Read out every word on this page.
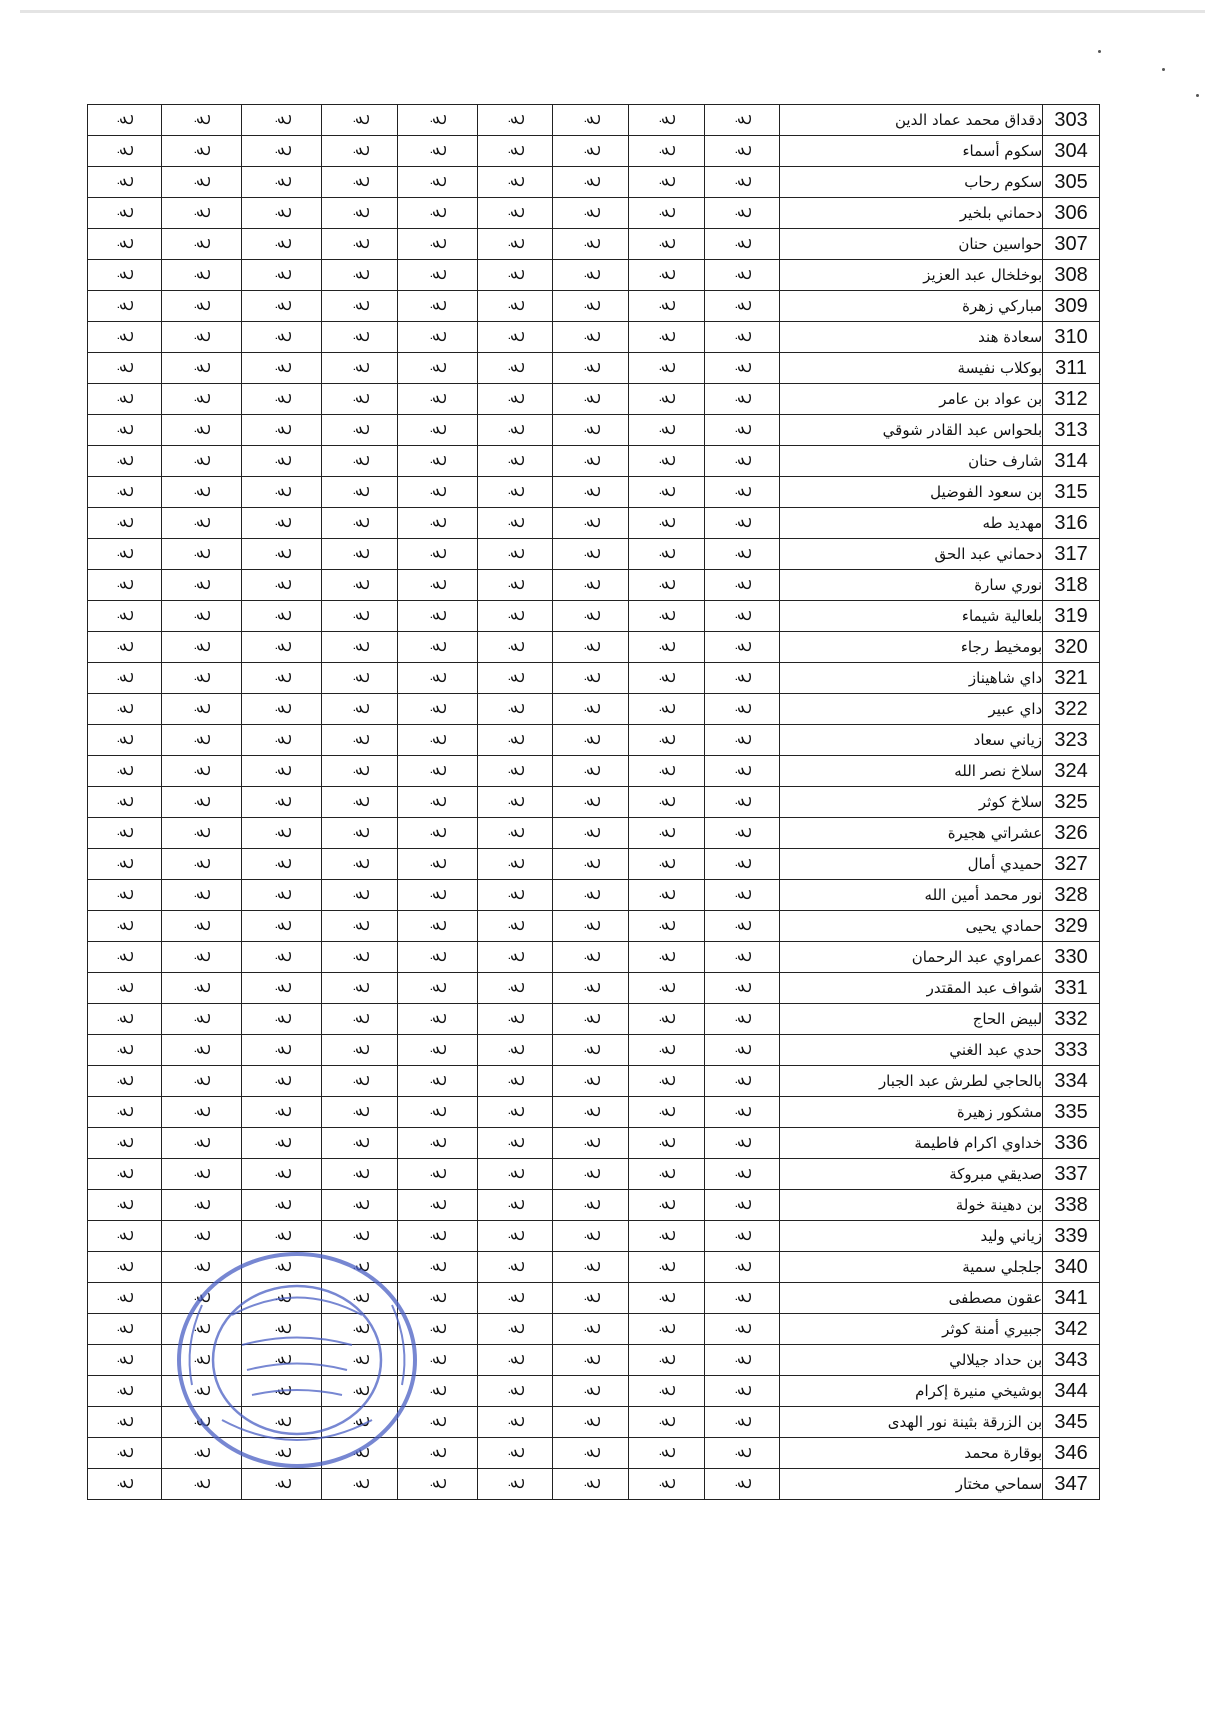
غ	غ	غ	غ	غ	غ	غ	غ	غ	دقداق محمد عماد الدين	303
غ	غ	غ	غ	غ	غ	غ	غ	غ	سكوم أسماء	304
غ	غ	غ	غ	غ	غ	غ	غ	غ	سكوم رحاب	305
غ	غ	غ	غ	غ	غ	غ	غ	غ	دحماني بلخير	306
غ	غ	غ	غ	غ	غ	غ	غ	غ	حواسين حنان	307
غ	غ	غ	غ	غ	غ	غ	غ	غ	بوخلخال عبد العزيز	308
غ	غ	غ	غ	غ	غ	غ	غ	غ	مباركي زهرة	309
غ	غ	غ	غ	غ	غ	غ	غ	غ	سعادة هند	310
غ	غ	غ	غ	غ	غ	غ	غ	غ	بوكلاب نفيسة	311
غ	غ	غ	غ	غ	غ	غ	غ	غ	بن عواد بن عامر	312
غ	غ	غ	غ	غ	غ	غ	غ	غ	بلحواس عبد القادر شوقي	313
غ	غ	غ	غ	غ	غ	غ	غ	غ	شارف حنان	314
غ	غ	غ	غ	غ	غ	غ	غ	غ	بن سعود الفوضيل	315
غ	غ	غ	غ	غ	غ	غ	غ	غ	مهديد طه	316
غ	غ	غ	غ	غ	غ	غ	غ	غ	دحماني عبد الحق	317
غ	غ	غ	غ	غ	غ	غ	غ	غ	نوري سارة	318
غ	غ	غ	غ	غ	غ	غ	غ	غ	بلعالية شيماء	319
غ	غ	غ	غ	غ	غ	غ	غ	غ	بومخيط رجاء	320
غ	غ	غ	غ	غ	غ	غ	غ	غ	داي شاهيناز	321
غ	غ	غ	غ	غ	غ	غ	غ	غ	داي عبير	322
غ	غ	غ	غ	غ	غ	غ	غ	غ	زياني سعاد	323
غ	غ	غ	غ	غ	غ	غ	غ	غ	سلاخ نصر الله	324
غ	غ	غ	غ	غ	غ	غ	غ	غ	سلاخ كوثر	325
غ	غ	غ	غ	غ	غ	غ	غ	غ	عشراتي هجيرة	326
غ	غ	غ	غ	غ	غ	غ	غ	غ	حميدي أمال	327
غ	غ	غ	غ	غ	غ	غ	غ	غ	نور محمد أمين الله	328
غ	غ	غ	غ	غ	غ	غ	غ	غ	حمادي يحيى	329
غ	غ	غ	غ	غ	غ	غ	غ	غ	عمراوي عبد الرحمان	330
غ	غ	غ	غ	غ	غ	غ	غ	غ	شواف عبد المقتدر	331
غ	غ	غ	غ	غ	غ	غ	غ	غ	لبيض الحاج	332
غ	غ	غ	غ	غ	غ	غ	غ	غ	حدي عبد الغني	333
غ	غ	غ	غ	غ	غ	غ	غ	غ	بالحاجي لطرش عبد الجبار	334
غ	غ	غ	غ	غ	غ	غ	غ	غ	مشكور زهيرة	335
غ	غ	غ	غ	غ	غ	غ	غ	غ	خداوي اكرام فاطيمة	336
غ	غ	غ	غ	غ	غ	غ	غ	غ	صديقي مبروكة	337
غ	غ	غ	غ	غ	غ	غ	غ	غ	بن دهينة خولة	338
غ	غ	غ	غ	غ	غ	غ	غ	غ	زياني وليد	339
غ	غ	غ	غ	غ	غ	غ	غ	غ	جلجلي سمية	340
غ	غ	غ	غ	غ	غ	غ	غ	غ	عقون مصطفى	341
غ	غ	غ	غ	غ	غ	غ	غ	غ	جبيري أمنة كوثر	342
غ	غ	غ	غ	غ	غ	غ	غ	غ	بن حداد جيلالي	343
غ	غ	غ	غ	غ	غ	غ	غ	غ	بوشيخي منيرة إكرام	344
غ	غ	غ	غ	غ	غ	غ	غ	غ	بن الزرقة بثينة نور الهدى	345
غ	غ	غ	غ	غ	غ	غ	غ	غ	بوقارة محمد	346
غ	غ	غ	غ	غ	غ	غ	غ	غ	سماحي مختار	347
